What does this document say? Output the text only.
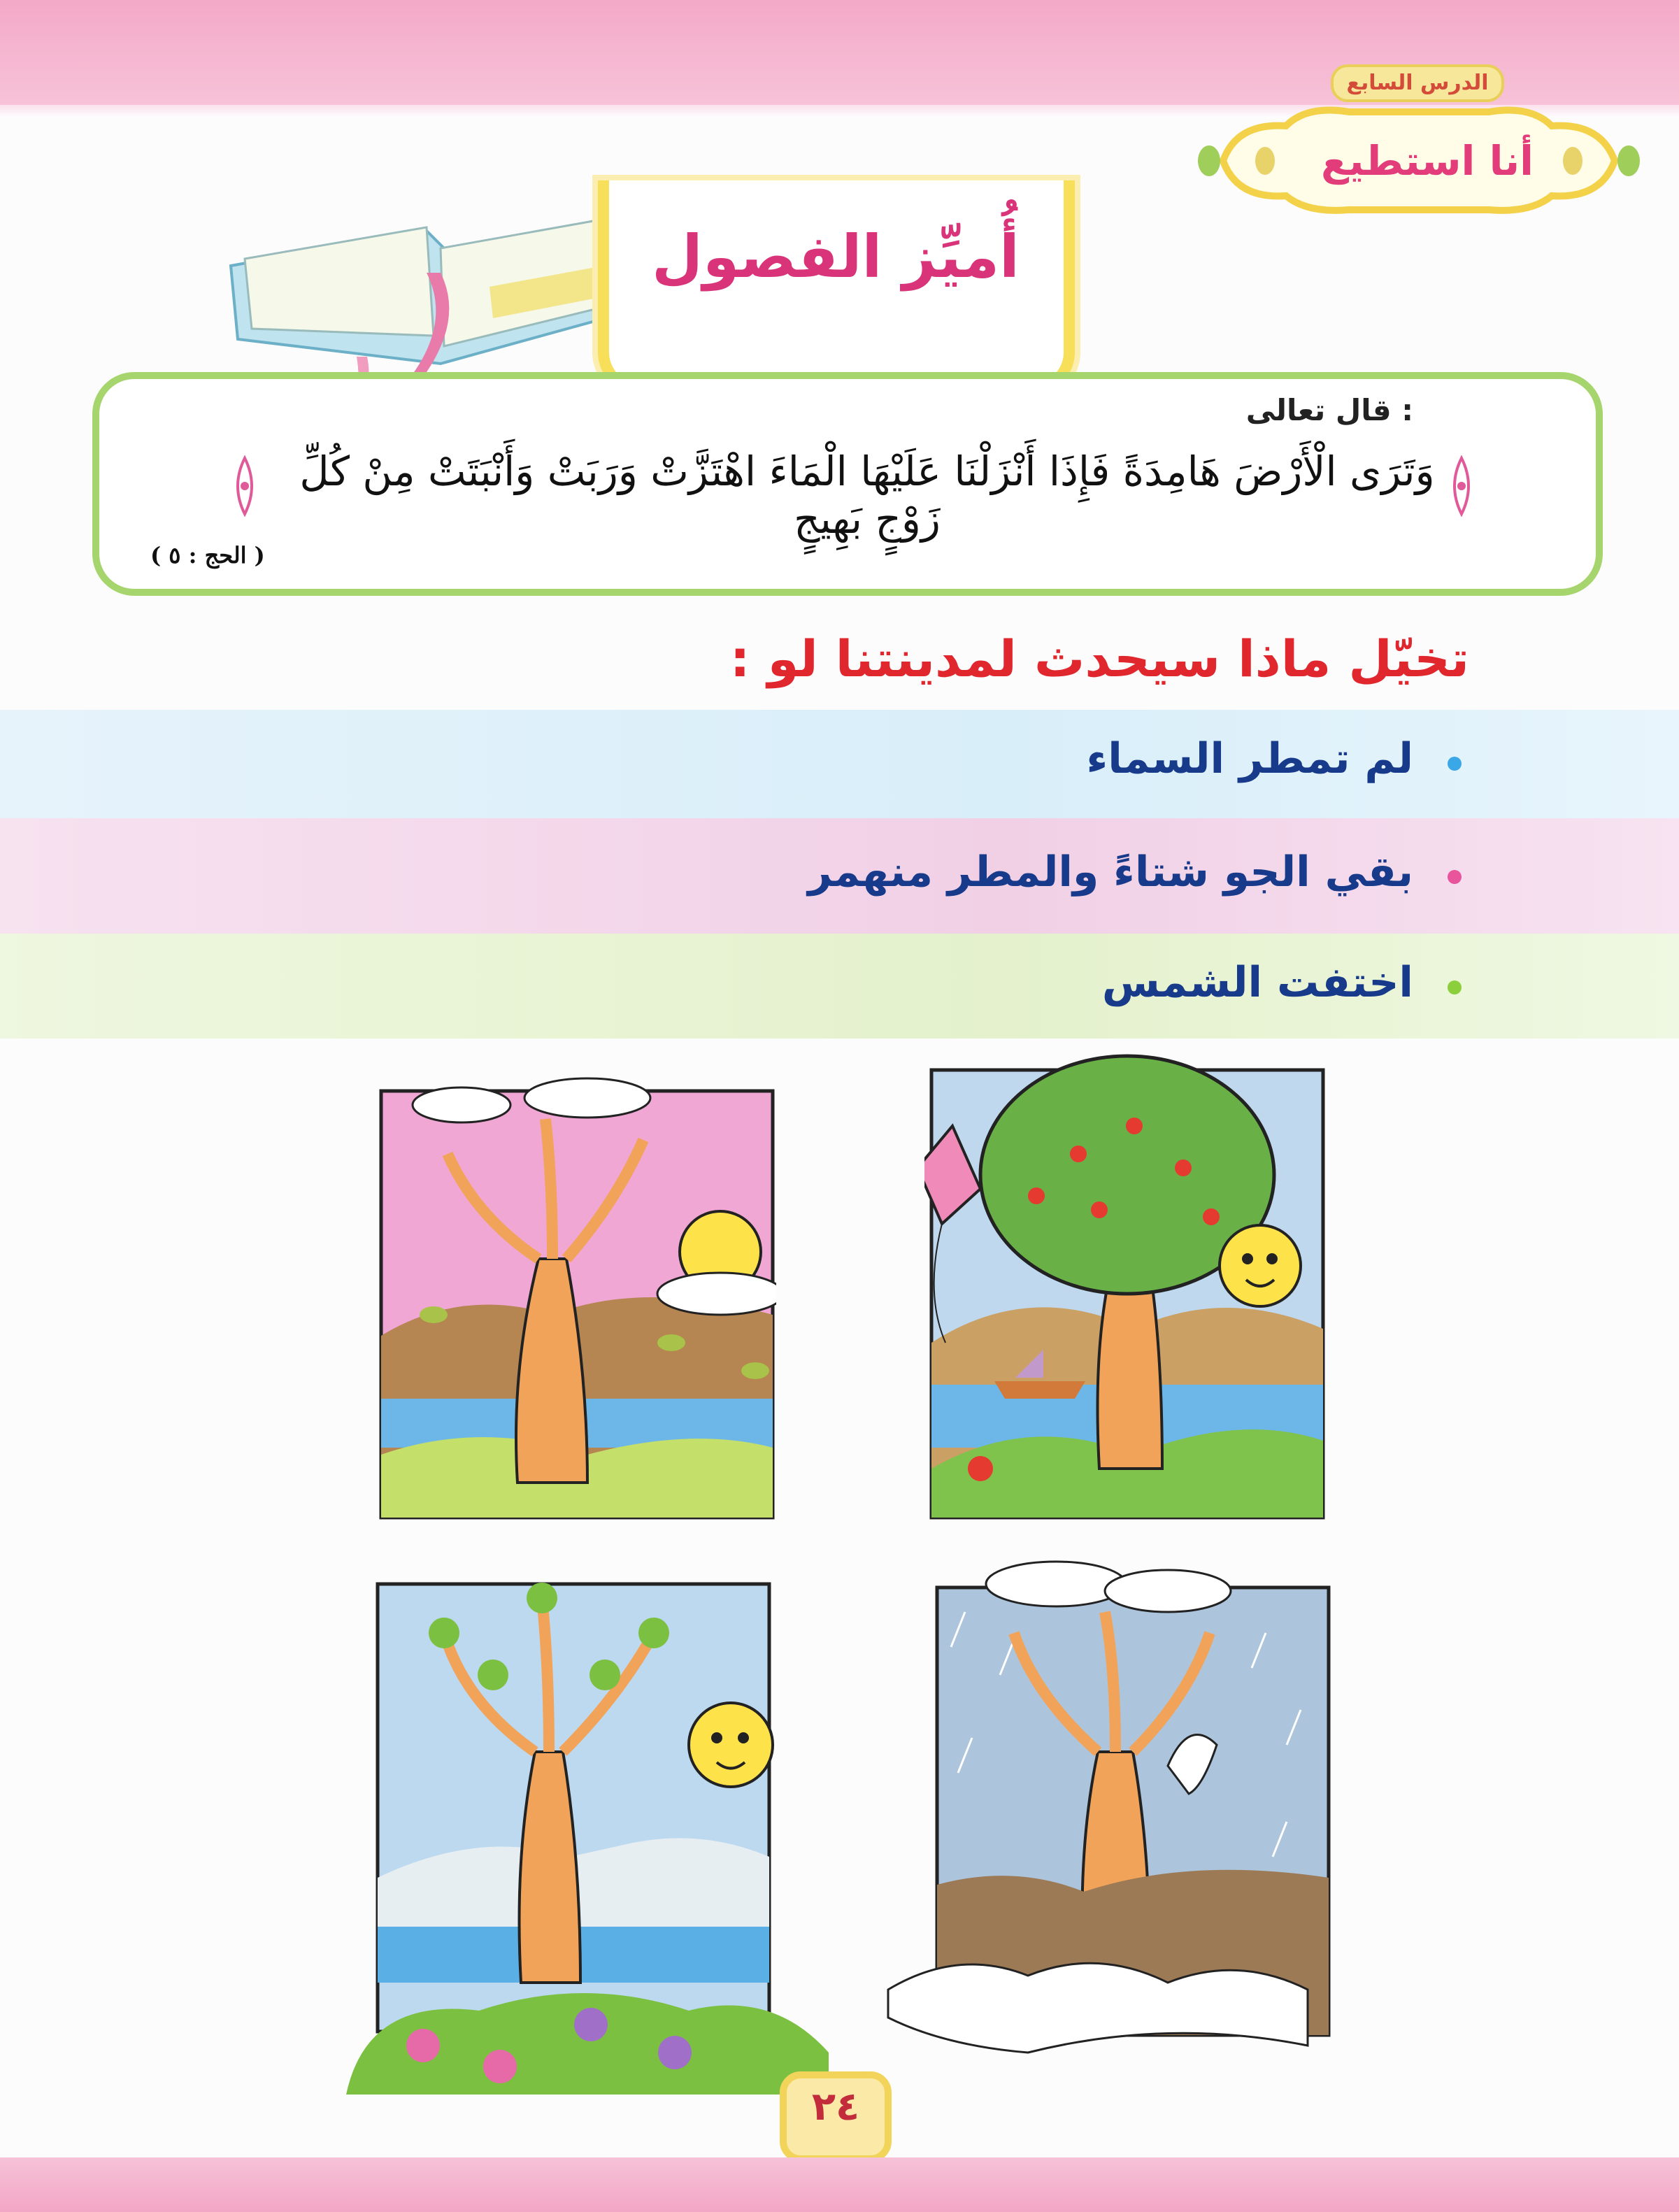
الدرس السابع
أنا استطيع
أُميِّز الفصول
قال تعالى :
وَتَرَى الْأَرْضَ هَامِدَةً فَإِذَا أَنْزَلْنَا عَلَيْهَا الْمَاءَ اهْتَزَّتْ وَرَبَتْ وَأَنْبَتَتْ مِنْ كُلِّ زَوْجٍ بَهِيجٍ
( الحج : ٥ )
تخيّل ماذا سيحدث لمدينتنا لو :
لم تمطر السماء
بقي الجو شتاءً والمطر منهمر
اختفت الشمس
٢٤
